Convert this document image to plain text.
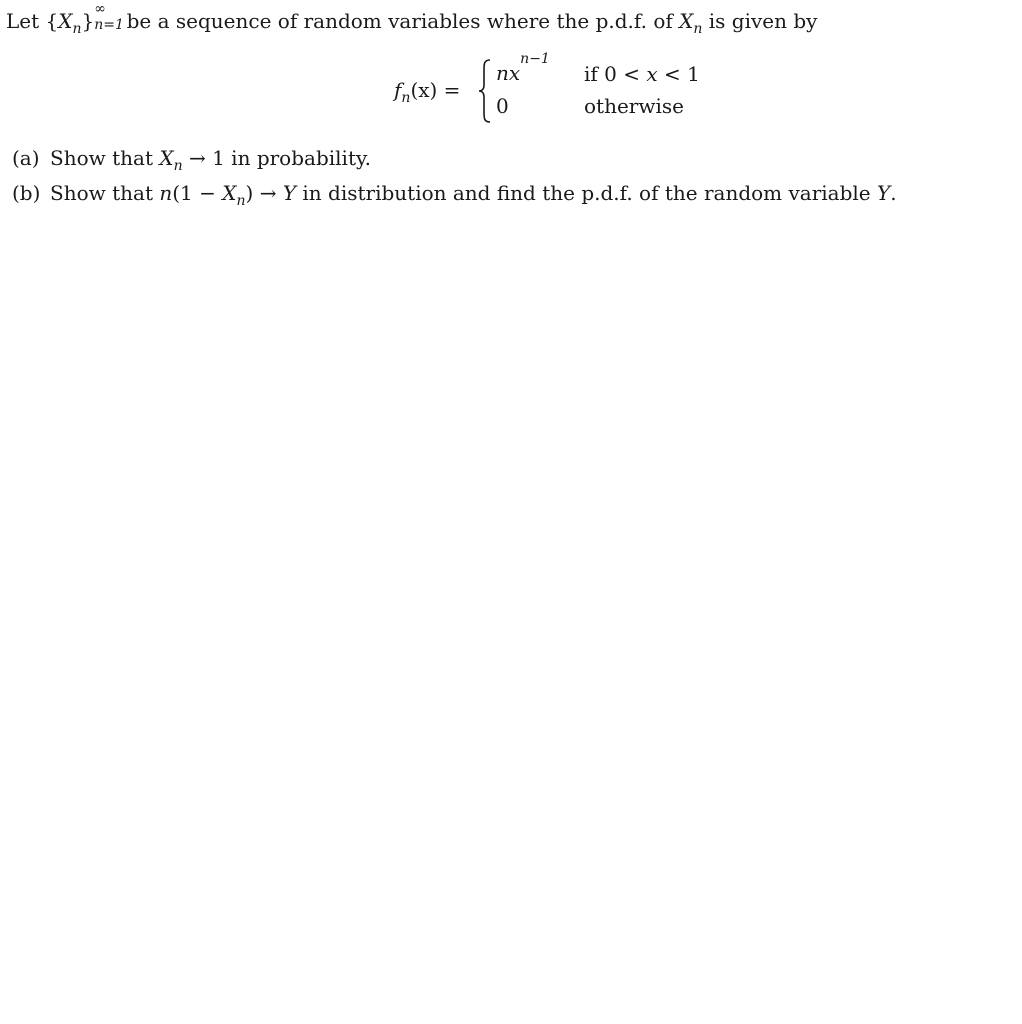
Let $\{X_n\}$ ∞
n=1 be a sequence of random variables where the p.d.f. of $X_n$ is given by
$f_n(x)$ =
$nx^{n-1}$
if 0 < x < 1
0	otherwise
(a) Show that $X_n \to 1$ in probability.
(b) Show that $n(1 - X_n) \to Y$ in distribution and find the p.d.f. of the random variable Y.
